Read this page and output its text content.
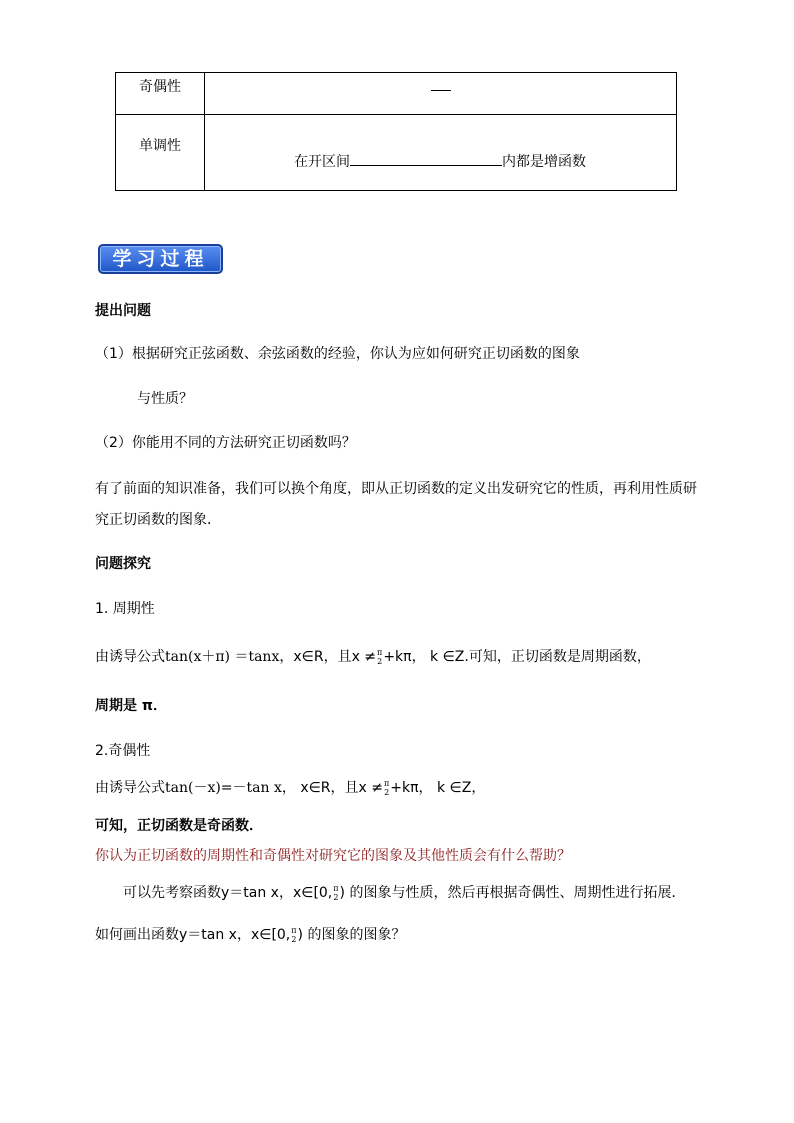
奇偶性
单调性
在开区间	内都是增函数
学习过程
提出问题
（1）根据研究正弦函数、余弦函数的经验，你认为应如何研究正切函数的图象
与性质？
（2）你能用不同的方法研究正切函数吗？
有了前面的知识准备，我们可以换个角度，即从正切函数的定义出发研究它的性质，再利用性质研
究正切函数的图象．
问题探究
1. 周期性
由诱导公式tan(x＋π) ＝tanx，x∈R，且x ≠ π
2 +kπ， k ∈Z.可知，正切函数是周期函数，
周期是 π．
2.奇偶性
由诱导公式tan(－x)=－tan x， x∈R，且x ≠ π
2 +kπ， k ∈Z，
可知，正切函数是奇函数．
你认为正切函数的周期性和奇偶性对研究它的图象及其他性质会有什么帮助？
可以先考察函数y＝tan x，x∈[0, π
2 ) 的图象与性质，然后再根据奇偶性、周期性进行拓展．
如何画出函数y＝tan x，x∈[0, π
2 ) 的图象的图象？
